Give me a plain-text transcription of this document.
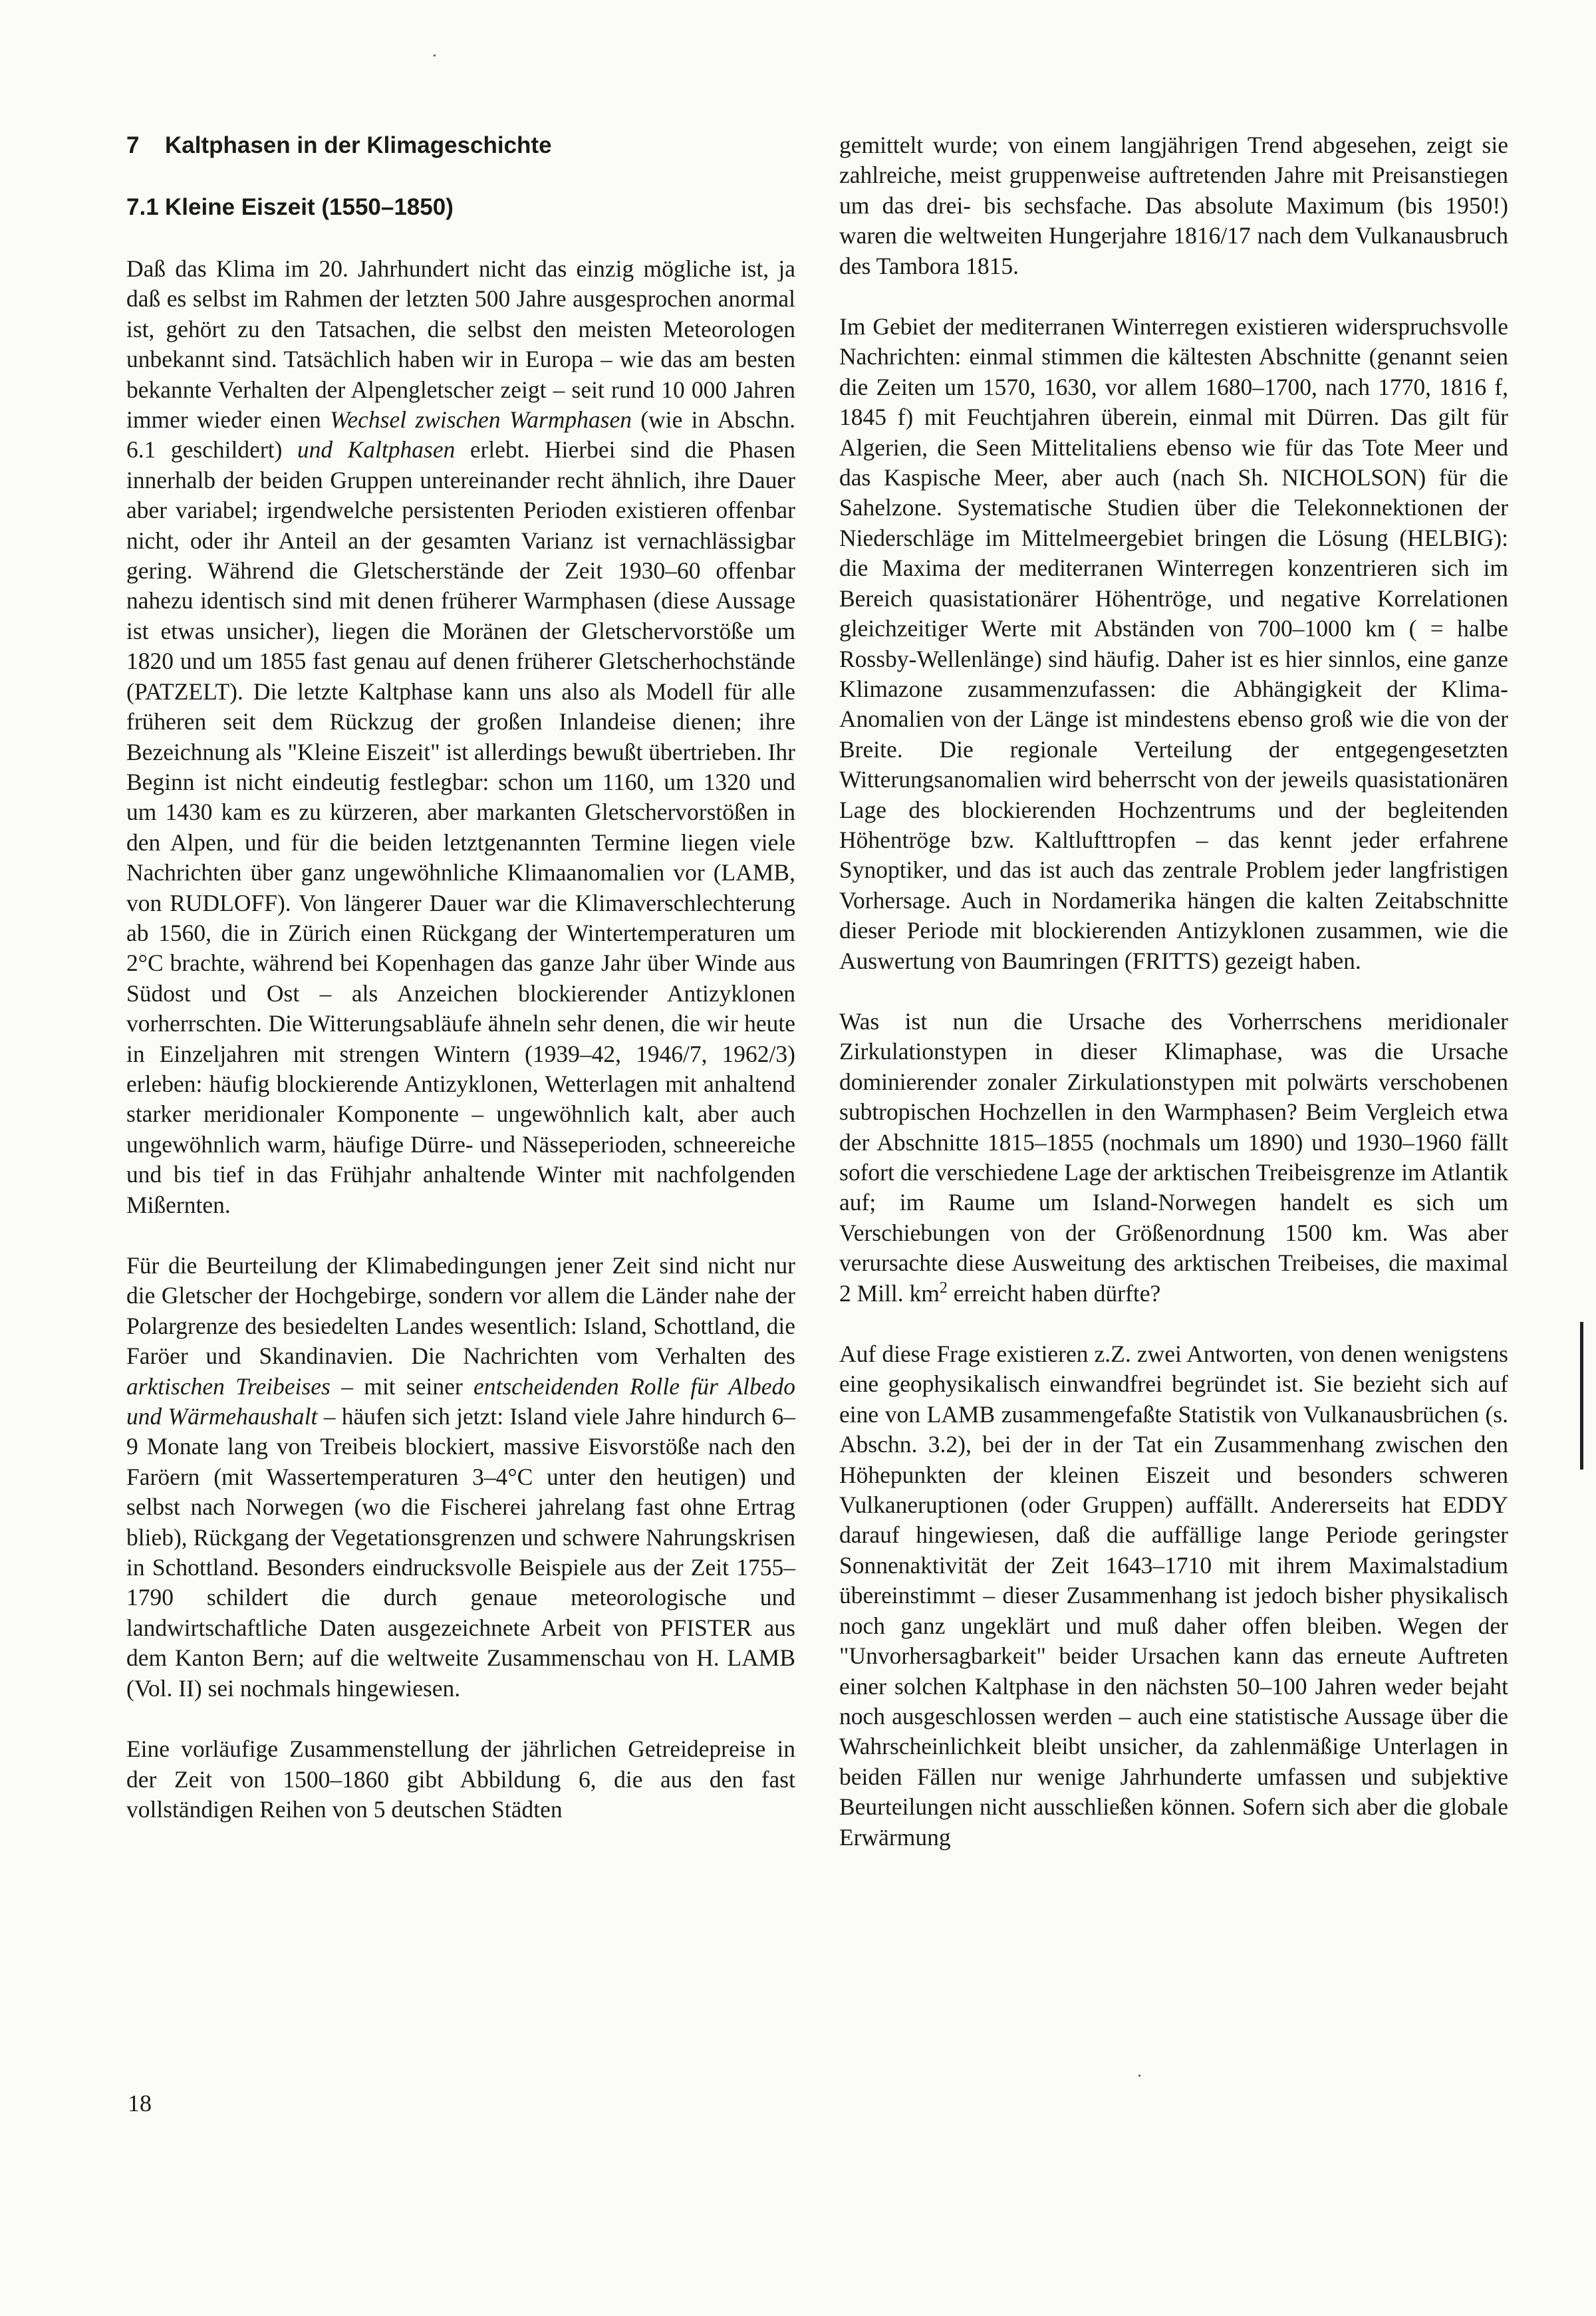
7 Kaltphasen in der Klimageschichte
7.1 Kleine Eiszeit (1550–1850)

Daß das Klima im 20. Jahrhundert nicht das einzig mögliche ist, ja daß es selbst im Rahmen der letzten 500 Jahre ausgesprochen anormal ist, gehört zu den Tatsachen, die selbst den meisten Meteorologen unbekannt sind. Tatsächlich haben wir in Europa – wie das am besten bekannte Verhalten der Alpengletscher zeigt – seit rund 10 000 Jahren immer wieder einen Wechsel zwischen Warmphasen (wie in Abschn. 6.1 geschildert) und Kaltphasen erlebt. Hierbei sind die Phasen innerhalb der beiden Gruppen untereinander recht ähnlich, ihre Dauer aber variabel; irgendwelche persistenten Perioden existieren offenbar nicht, oder ihr Anteil an der gesamten Varianz ist vernachlässigbar gering. Während die Gletscherstände der Zeit 1930–60 offenbar nahezu identisch sind mit denen früherer Warmphasen (diese Aussage ist etwas unsicher), liegen die Moränen der Gletschervorstöße um 1820 und um 1855 fast genau auf denen früherer Gletscherhochstände (PATZELT). Die letzte Kaltphase kann uns also als Modell für alle früheren seit dem Rückzug der großen Inlandeise dienen; ihre Bezeichnung als "Kleine Eiszeit" ist allerdings bewußt übertrieben. Ihr Beginn ist nicht eindeutig festlegbar: schon um 1160, um 1320 und um 1430 kam es zu kürzeren, aber markanten Gletschervorstößen in den Alpen, und für die beiden letztgenannten Termine liegen viele Nachrichten über ganz ungewöhnliche Klimaanomalien vor (LAMB, von RUDLOFF). Von längerer Dauer war die Klimaverschlechterung ab 1560, die in Zürich einen Rückgang der Wintertemperaturen um 2°C brachte, während bei Kopenhagen das ganze Jahr über Winde aus Südost und Ost – als Anzeichen blockierender Antizyklonen vorherrschten. Die Witterungsabläufe ähneln sehr denen, die wir heute in Einzeljahren mit strengen Wintern (1939–42, 1946/7, 1962/3) erleben: häufig blockierende Antizyklonen, Wetterlagen mit anhaltend starker meridionaler Komponente – ungewöhnlich kalt, aber auch ungewöhnlich warm, häufige Dürre- und Nässeperioden, schneereiche und bis tief in das Frühjahr anhaltende Winter mit nachfolgenden Mißernten.

Für die Beurteilung der Klimabedingungen jener Zeit sind nicht nur die Gletscher der Hochgebirge, sondern vor allem die Länder nahe der Polargrenze des besiedelten Landes wesentlich: Island, Schottland, die Faröer und Skandinavien. Die Nachrichten vom Verhalten des arktischen Treibeises – mit seiner entscheidenden Rolle für Albedo und Wärmehaushalt – häufen sich jetzt: Island viele Jahre hindurch 6–9 Monate lang von Treibeis blockiert, massive Eisvorstöße nach den Faröern (mit Wassertemperaturen 3–4°C unter den heutigen) und selbst nach Norwegen (wo die Fischerei jahrelang fast ohne Ertrag blieb), Rückgang der Vegetationsgrenzen und schwere Nahrungskrisen in Schottland. Besonders eindrucksvolle Beispiele aus der Zeit 1755–1790 schildert die durch genaue meteorologische und landwirtschaftliche Daten ausgezeichnete Arbeit von PFISTER aus dem Kanton Bern; auf die weltweite Zusammenschau von H. LAMB (Vol. II) sei nochmals hingewiesen.

Eine vorläufige Zusammenstellung der jährlichen Getreidepreise in der Zeit von 1500–1860 gibt Abbildung 6, die aus den fast vollständigen Reihen von 5 deutschen Städten

gemittelt wurde; von einem langjährigen Trend abgesehen, zeigt sie zahlreiche, meist gruppenweise auftretenden Jahre mit Preisanstiegen um das drei- bis sechsfache. Das absolute Maximum (bis 1950!) waren die weltweiten Hungerjahre 1816/17 nach dem Vulkanausbruch des Tambora 1815.

Im Gebiet der mediterranen Winterregen existieren widerspruchsvolle Nachrichten: einmal stimmen die kältesten Abschnitte (genannt seien die Zeiten um 1570, 1630, vor allem 1680–1700, nach 1770, 1816 f, 1845 f) mit Feuchtjahren überein, einmal mit Dürren. Das gilt für Algerien, die Seen Mittelitaliens ebenso wie für das Tote Meer und das Kaspische Meer, aber auch (nach Sh. NICHOLSON) für die Sahelzone. Systematische Studien über die Telekonnektionen der Niederschläge im Mittelmeergebiet bringen die Lösung (HELBIG): die Maxima der mediterranen Winterregen konzentrieren sich im Bereich quasistationärer Höhentröge, und negative Korrelationen gleichzeitiger Werte mit Abständen von 700–1000 km ( = halbe Rossby-Wellenlänge) sind häufig. Daher ist es hier sinnlos, eine ganze Klimazone zusammenzufassen: die Abhängigkeit der Klima-Anomalien von der Länge ist mindestens ebenso groß wie die von der Breite. Die regionale Verteilung der entgegengesetzten Witterungsanomalien wird beherrscht von der jeweils quasistationären Lage des blockierenden Hochzentrums und der begleitenden Höhentröge bzw. Kaltlufttropfen – das kennt jeder erfahrene Synoptiker, und das ist auch das zentrale Problem jeder langfristigen Vorhersage. Auch in Nordamerika hängen die kalten Zeitabschnitte dieser Periode mit blockierenden Antizyklonen zusammen, wie die Auswertung von Baumringen (FRITTS) gezeigt haben.

Was ist nun die Ursache des Vorherrschens meridionaler Zirkulationstypen in dieser Klimaphase, was die Ursache dominierender zonaler Zirkulationstypen mit polwärts verschobenen subtropischen Hochzellen in den Warmphasen? Beim Vergleich etwa der Abschnitte 1815–1855 (nochmals um 1890) und 1930–1960 fällt sofort die verschiedene Lage der arktischen Treibeisgrenze im Atlantik auf; im Raume um Island-Norwegen handelt es sich um Verschiebungen von der Größenordnung 1500 km. Was aber verursachte diese Ausweitung des arktischen Treibeises, die maximal 2 Mill. $km^2$ erreicht haben dürfte?

Auf diese Frage existieren z.Z. zwei Antworten, von denen wenigstens eine geophysikalisch einwandfrei begründet ist. Sie bezieht sich auf eine von LAMB zusammengefaßte Statistik von Vulkanausbrüchen (s. Abschn. 3.2), bei der in der Tat ein Zusammenhang zwischen den Höhepunkten der kleinen Eiszeit und besonders schweren Vulkaneruptionen (oder Gruppen) auffällt. Andererseits hat EDDY darauf hingewiesen, daß die auffällige lange Periode geringster Sonnenaktivität der Zeit 1643–1710 mit ihrem Maximalstadium übereinstimmt – dieser Zusammenhang ist jedoch bisher physikalisch noch ganz ungeklärt und muß daher offen bleiben. Wegen der "Unvorhersagbarkeit" beider Ursachen kann das erneute Auftreten einer solchen Kaltphase in den nächsten 50–100 Jahren weder bejaht noch ausgeschlossen werden – auch eine statistische Aussage über die Wahrscheinlichkeit bleibt unsicher, da zahlenmäßige Unterlagen in beiden Fällen nur wenige Jahrhunderte umfassen und subjektive Beurteilungen nicht ausschließen können. Sofern sich aber die globale Erwärmung

18
